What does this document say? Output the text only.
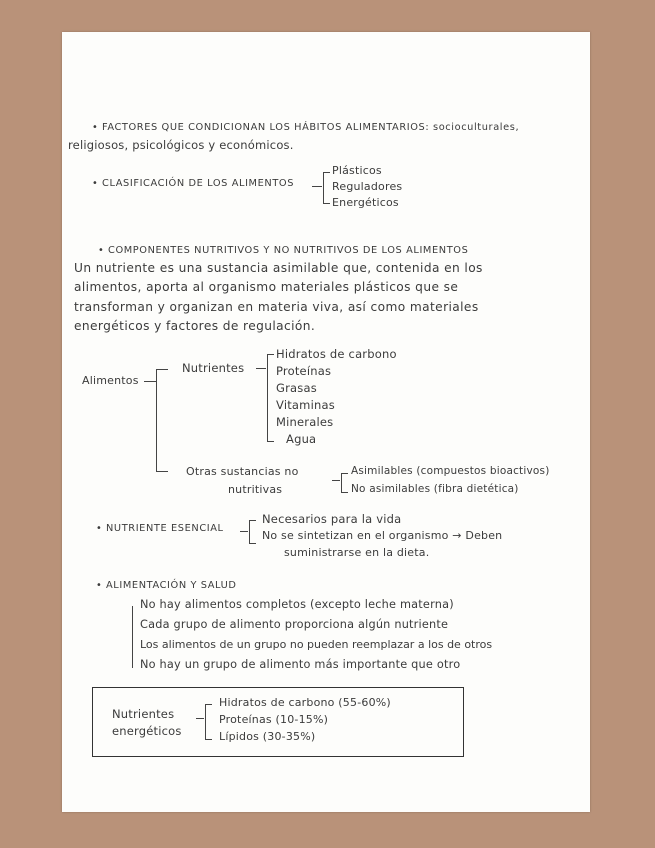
• FACTORES QUE CONDICIONAN LOS HÁBITOS ALIMENTARIOS: socioculturales,
religiosos, psicológicos y económicos.
• CLASIFICACIÓN DE LOS ALIMENTOS
Plásticos
Reguladores
Energéticos
• COMPONENTES NUTRITIVOS Y NO NUTRITIVOS DE LOS ALIMENTOS
Un nutriente es una sustancia asimilable que, contenida en los
alimentos, aporta al organismo materiales plásticos que se
transforman y organizan en materia viva, así como materiales
energéticos y factores de regulación.
Alimentos
Nutrientes
Hidratos de carbono
Proteínas
Grasas
Vitaminas
Minerales
Agua
Otras sustancias no
nutritivas
Asimilables (compuestos bioactivos)
No asimilables (fibra dietética)
• NUTRIENTE ESENCIAL
Necesarios para la vida
No se sintetizan en el organismo → Deben
suministrarse en la dieta.
• ALIMENTACIÓN Y SALUD
No hay alimentos completos (excepto leche materna)
Cada grupo de alimento proporciona algún nutriente
Los alimentos de un grupo no pueden reemplazar a los de otros
No hay un grupo de alimento más importante que otro
Nutrientes
energéticos
Hidratos de carbono (55-60%)
Proteínas (10-15%)
Lípidos (30-35%)
